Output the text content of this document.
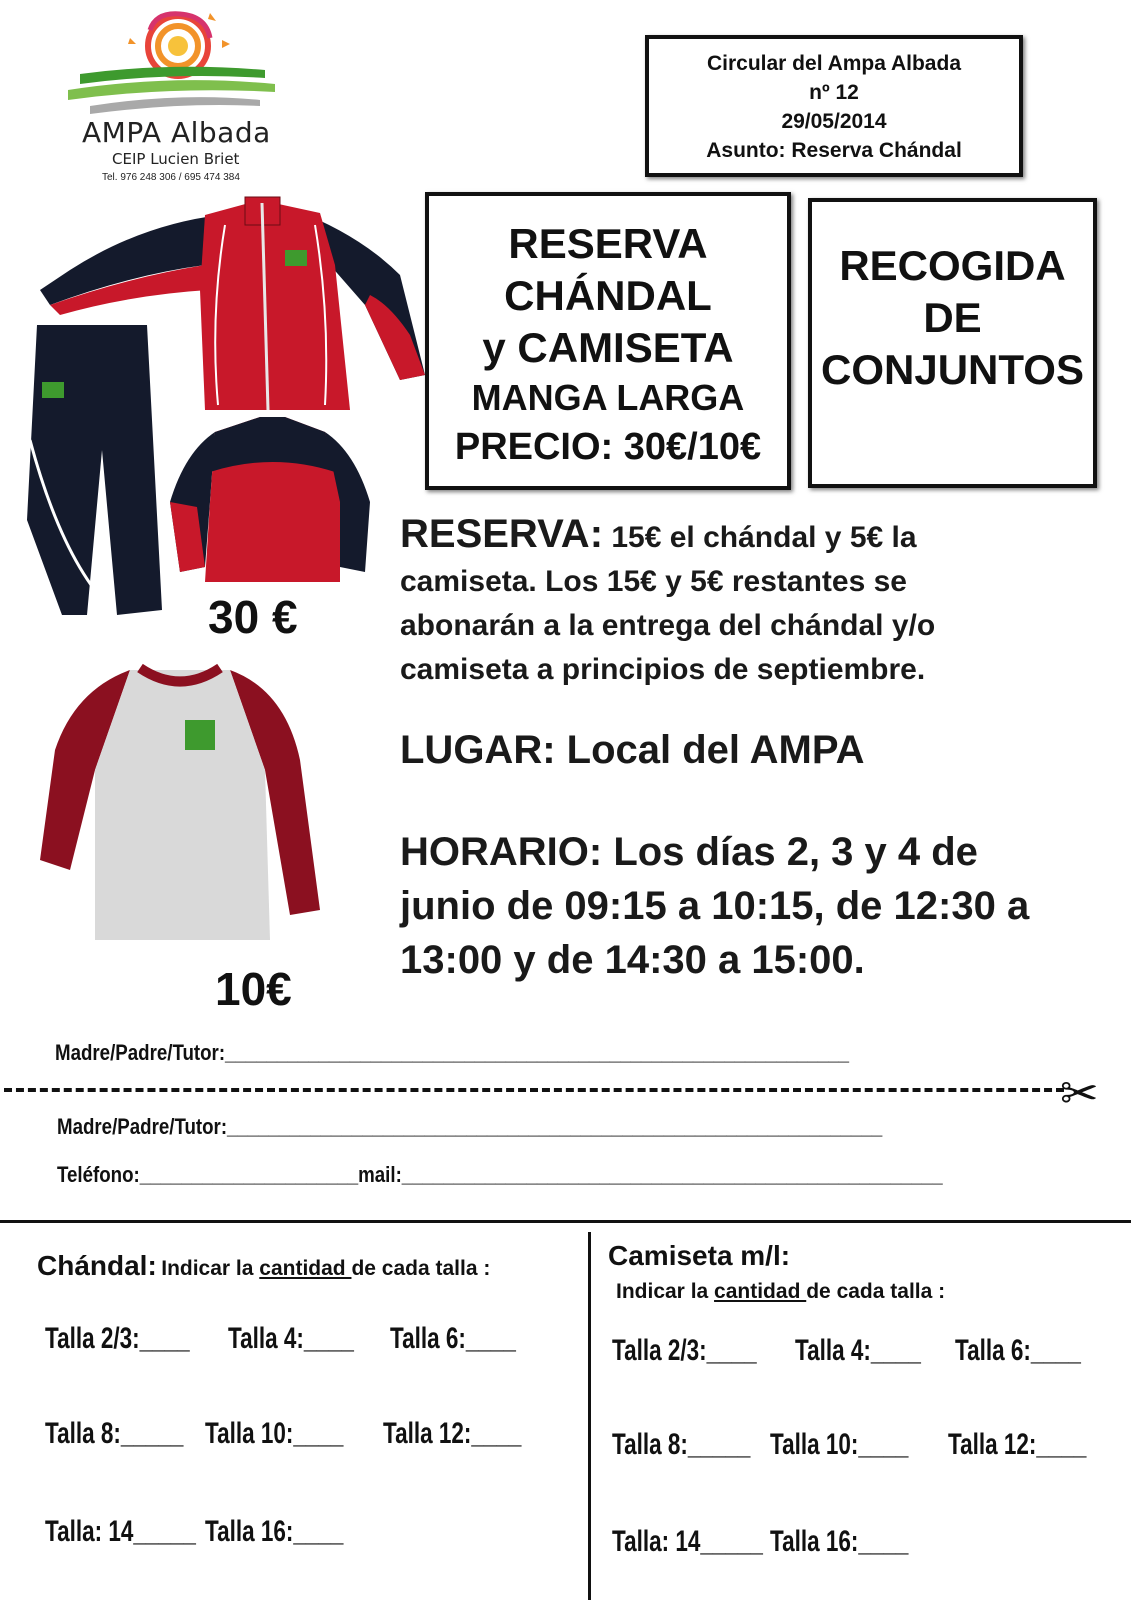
AMPA Albada
CEIP Lucien Briet
Tel. 976 248 306 / 695 474 384
Circular del Ampa Albada
nº 12
29/05/2014
Asunto: Reserva Chándal
RESERVA
CHÁNDAL
y CAMISETA
MANGA LARGA
PRECIO: 30€/10€
RECOGIDA
DE
CONJUNTOS
30 €
10€
RESERVA: 15€ el chándal y 5€ la camiseta. Los 15€ y 5€ restantes se abonarán a la entrega del chándal y/o camiseta a principios de septiembre.
LUGAR: Local del AMPA
HORARIO: Los días 2, 3 y 4 de junio de 09:15 a 10:15, de 12:30 a 13:00 y de 14:30 a 15:00.
Madre/Padre/Tutor:____________________________________________________________
✂
Madre/Padre/Tutor:_______________________________________________________________
Teléfono:_____________________mail:____________________________________________________
Chándal: Indicar la cantidad de cada talla :
Talla 2/3:____ Talla 4:____ Talla 6:____
Talla 8:_____ Talla 10:____ Talla 12:____
Talla: 14_____ Talla 16:____
Camiseta m/l:
Indicar la cantidad de cada talla :
Talla 2/3:____ Talla 4:____ Talla 6:____
Talla 8:_____ Talla 10:____ Talla 12:____
Talla: 14_____ Talla 16:____
